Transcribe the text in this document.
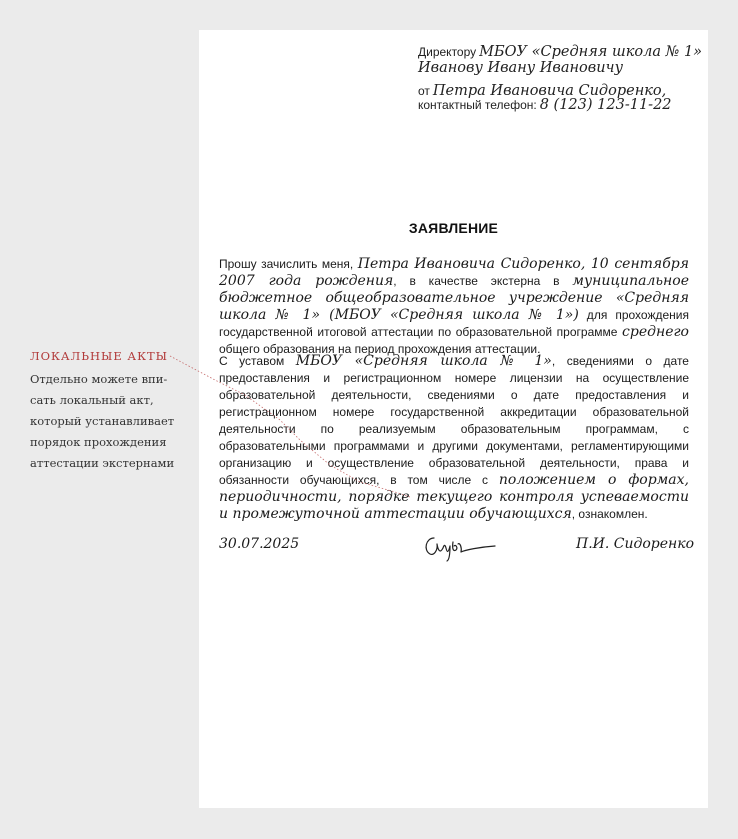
Директору МБОУ «Средняя школа № 1»
Иванову Ивану Ивановичу
от Петра Ивановича Сидоренко,
контактный телефон: 8 (123) 123-11-22
ЗАЯВЛЕНИЕ
Прошу зачислить меня, Петра Ивановича Сидоренко, 10 сентября 2007 года рождения, в качестве экстерна в муниципальное бюджетное общеобразовательное учреждение «Средняя школа № 1» (МБОУ «Средняя школа № 1») для прохождения государственной итоговой аттестации по образовательной программе среднего общего образования на период прохождения аттестации.
С уставом МБОУ «Средняя школа № 1», сведениями о дате предоставления и регистрационном номере лицензии на осуществление образовательной деятельности, сведениями о дате предоставления и регистрационном номере государственной аккредитации образовательной деятельности по реализуемым образовательным программам, с образовательными программами и другими документами, регламентирующими организацию и осуществление образовательной деятельности, права и обязанности обучающихся, в том числе с положением о формах, периодичности, порядке текущего контроля успеваемости и промежуточной аттестации обучающихся, ознакомлен.
30.07.2025	П.И. Сидоренко
ЛОКАЛЬНЫЕ АКТЫ
Отдельно можете впи-
сать локальный акт,
который устанавливает
порядок прохождения
аттестации экстернами
